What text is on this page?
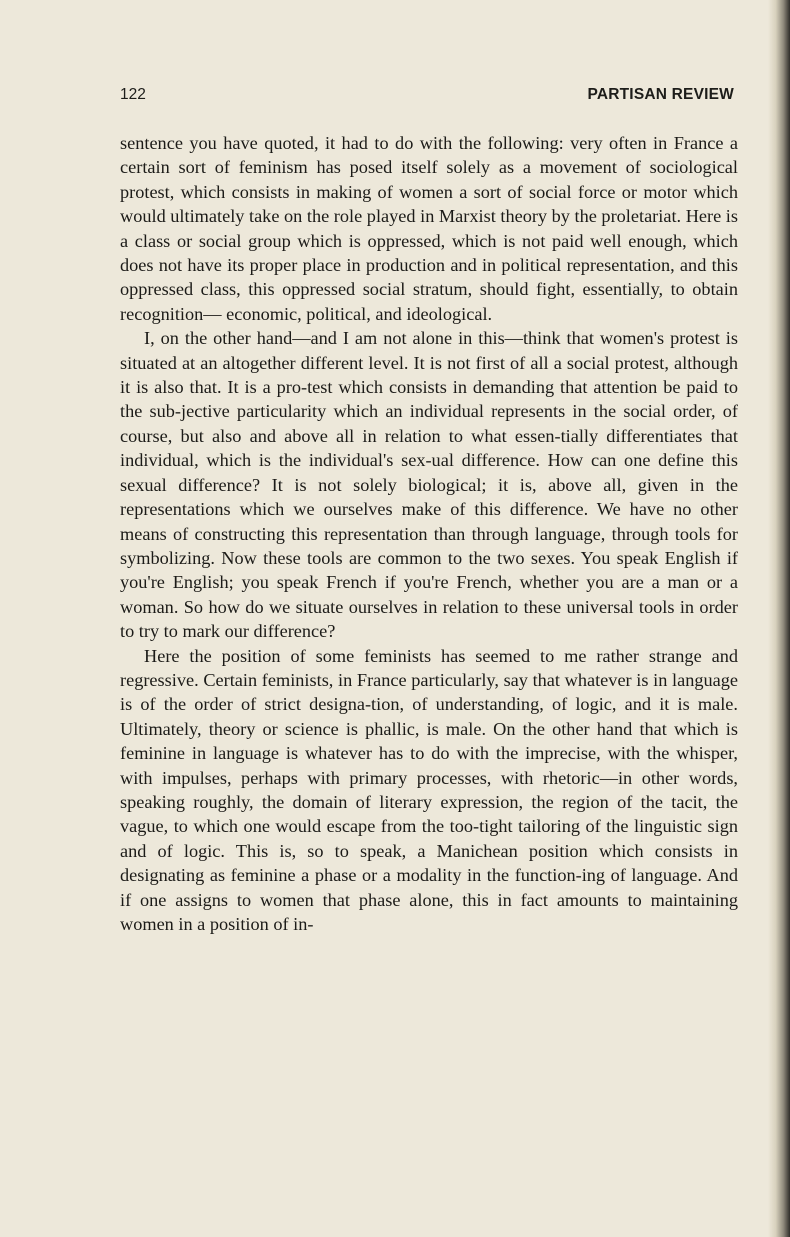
122	PARTISAN REVIEW

sentence you have quoted, it had to do with the following: very often in France a certain sort of feminism has posed itself solely as a movement of sociological protest, which consists in making of women a sort of social force or motor which would ultimately take on the role played in Marxist theory by the proletariat. Here is a class or social group which is oppressed, which is not paid well enough, which does not have its proper place in production and in political representation, and this oppressed class, this oppressed social stratum, should fight, essentially, to obtain recognition— economic, political, and ideological.

I, on the other hand—and I am not alone in this—think that women's protest is situated at an altogether different level. It is not first of all a social protest, although it is also that. It is a pro-test which consists in demanding that attention be paid to the sub-jective particularity which an individual represents in the social order, of course, but also and above all in relation to what essen-tially differentiates that individual, which is the individual's sex-ual difference. How can one define this sexual difference? It is not solely biological; it is, above all, given in the representations which we ourselves make of this difference. We have no other means of constructing this representation than through language, through tools for symbolizing. Now these tools are common to the two sexes. You speak English if you're English; you speak French if you're French, whether you are a man or a woman. So how do we situate ourselves in relation to these universal tools in order to try to mark our difference?

Here the position of some feminists has seemed to me rather strange and regressive. Certain feminists, in France particularly, say that whatever is in language is of the order of strict designa-tion, of understanding, of logic, and it is male. Ultimately, theory or science is phallic, is male. On the other hand that which is feminine in language is whatever has to do with the imprecise, with the whisper, with impulses, perhaps with primary processes, with rhetoric—in other words, speaking roughly, the domain of literary expression, the region of the tacit, the vague, to which one would escape from the too-tight tailoring of the linguistic sign and of logic. This is, so to speak, a Manichean position which consists in designating as feminine a phase or a modality in the function-ing of language. And if one assigns to women that phase alone, this in fact amounts to maintaining women in a position of in-
